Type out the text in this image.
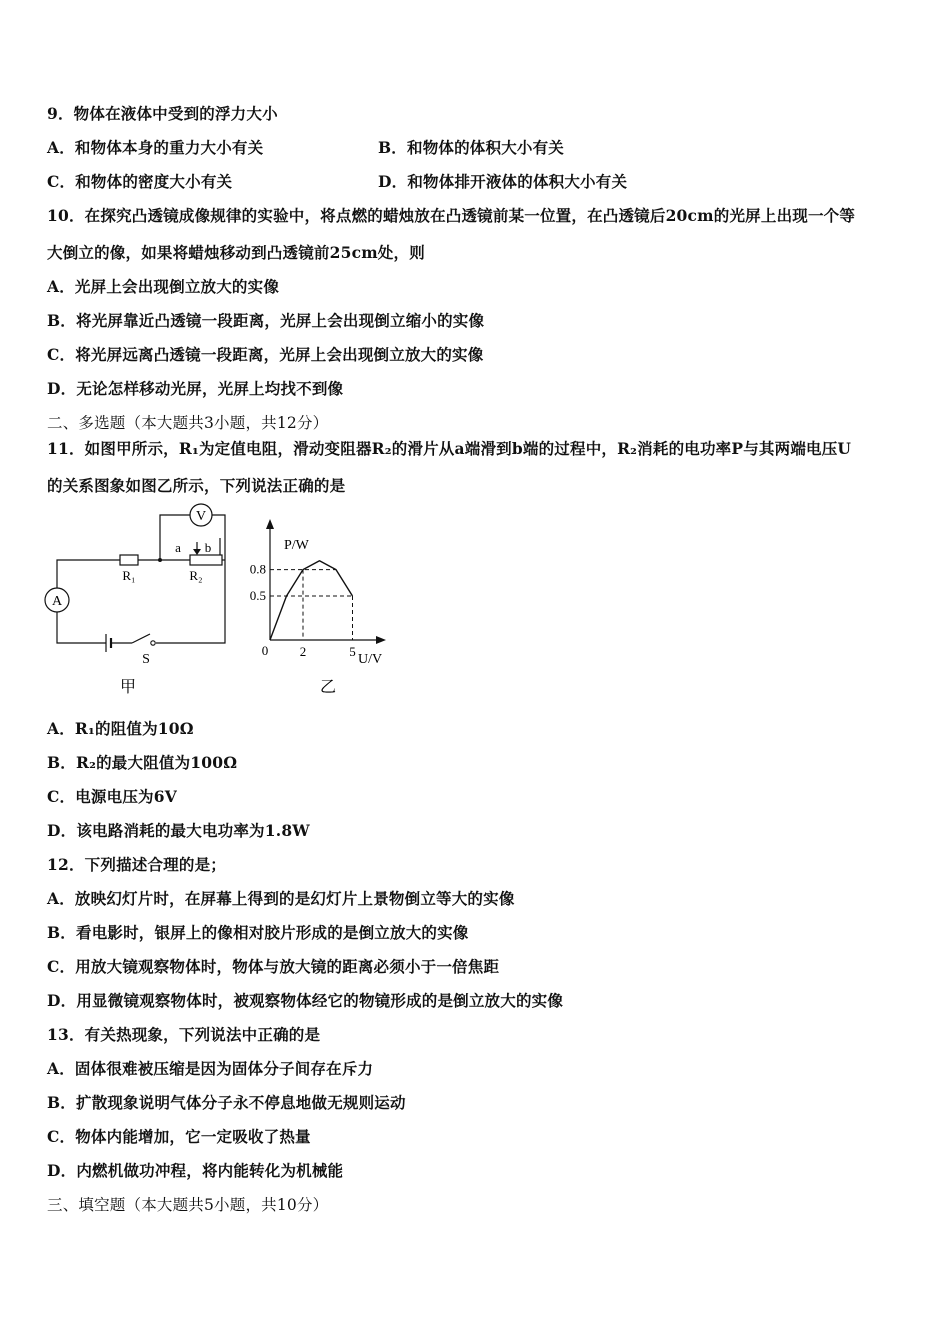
9．物体在液体中受到的浮力大小
A．和物体本身的重力大小有关	B．和物体的体积大小有关
C．和物体的密度大小有关	D．和物体排开液体的体积大小有关
10．在探究凸透镜成像规律的实验中，将点燃的蜡烛放在凸透镜前某一位置，在凸透镜后20cm的光屏上出现一个等
大倒立的像，如果将蜡烛移动到凸透镜前25cm处，则
A．光屏上会出现倒立放大的实像
B．将光屏靠近凸透镜一段距离，光屏上会出现倒立缩小的实像
C．将光屏远离凸透镜一段距离，光屏上会出现倒立放大的实像
D．无论怎样移动光屏，光屏上均找不到像
二、多选题（本大题共3小题，共12分）
11．如图甲所示，R₁为定值电阻，滑动变阻器R₂的滑片从a端滑到b端的过程中，R₂消耗的电功率P与其两端电压U
的关系图象如图乙所示，下列说法正确的是
A
V
R₁	R₂
a b
S
甲
0.8
0.5
2	5
P/W
U/V
0
乙
A．R₁的阻值为10Ω
B．R₂的最大阻值为100Ω
C．电源电压为6V
D．该电路消耗的最大电功率为1.8W
12．下列描述合理的是；
A．放映幻灯片时，在屏幕上得到的是幻灯片上景物倒立等大的实像
B．看电影时，银屏上的像相对胶片形成的是倒立放大的实像
C．用放大镜观察物体时，物体与放大镜的距离必须小于一倍焦距
D．用显微镜观察物体时，被观察物体经它的物镜形成的是倒立放大的实像
13．有关热现象，下列说法中正确的是
A．固体很难被压缩是因为固体分子间存在斥力
B．扩散现象说明气体分子永不停息地做无规则运动
C．物体内能增加，它一定吸收了热量
D．内燃机做功冲程，将内能转化为机械能
三、填空题（本大题共5小题，共10分）
